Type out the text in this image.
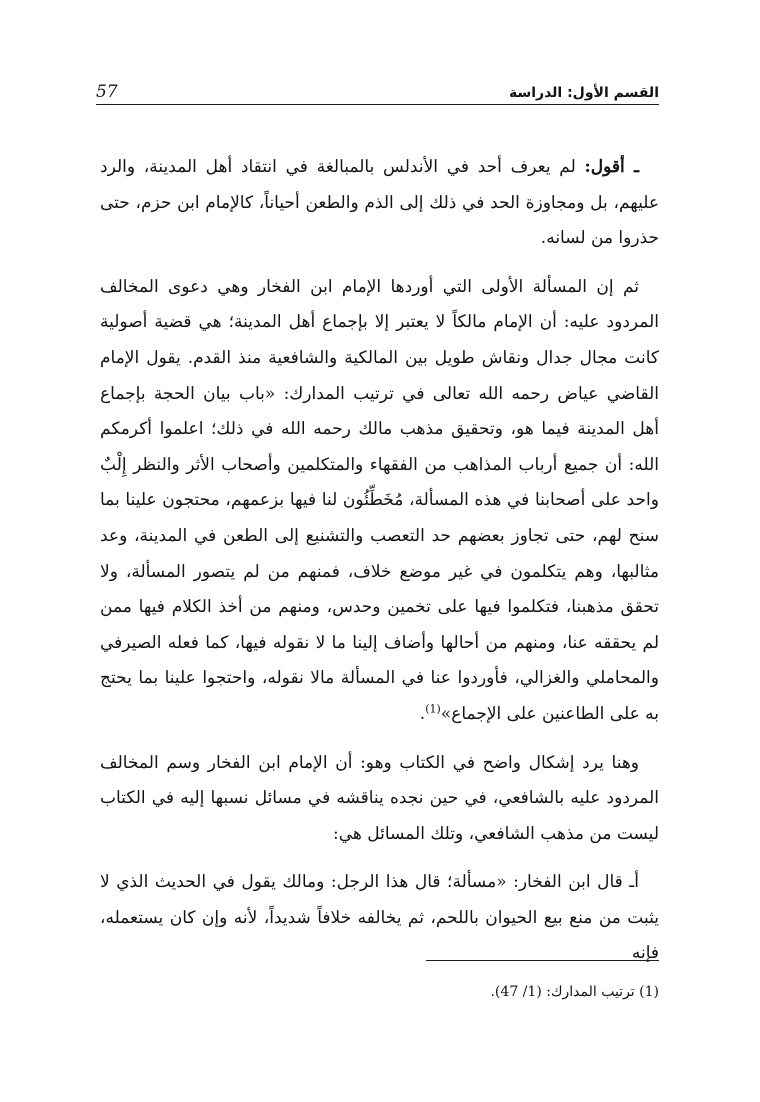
القسم الأول: الدراسة
57

ـ أقول: لم يعرف أحد في الأندلس بالمبالغة في انتقاد أهل المدينة، والرد عليهم، بل ومجاوزة الحد في ذلك إلى الذم والطعن أحياناً، كالإمام ابن حزم، حتى حذروا من لسانه.

ثم إن المسألة الأولى التي أوردها الإمام ابن الفخار وهي دعوى المخالف المردود عليه: أن الإمام مالكاً لا يعتبر إلا بإجماع أهل المدينة؛ هي قضية أصولية كانت مجال جدال ونقاش طويل بين المالكية والشافعية منذ القدم. يقول الإمام القاضي عياض رحمه الله تعالى في ترتيب المدارك: «باب بيان الحجة بإجماع أهل المدينة فيما هو، وتحقيق مذهب مالك رحمه الله في ذلك؛ اعلموا أكرمكم الله: أن جميع أرباب المذاهب من الفقهاء والمتكلمين وأصحاب الأثر والنظر إِلْبٌ واحد على أصحابنا في هذه المسألة، مُخَطِّئُون لنا فيها بزعمهم، محتجون علينا بما سنح لهم، حتى تجاوز بعضهم حد التعصب والتشنيع إلى الطعن في المدينة، وعد مثالبها، وهم يتكلمون في غير موضع خلاف، فمنهم من لم يتصور المسألة، ولا تحقق مذهبنا، فتكلموا فيها على تخمين وحدس، ومنهم من أخذ الكلام فيها ممن لم يحققه عنا، ومنهم من أحالها وأضاف إلينا ما لا نقوله فيها، كما فعله الصيرفي والمحاملي والغزالي، فأوردوا عنا في المسألة مالا نقوله، واحتجوا علينا بما يحتج به على الطاعنين على الإجماع»$^{(1)}$.

وهنا يرد إشكال واضح في الكتاب وهو: أن الإمام ابن الفخار وسم المخالف المردود عليه بالشافعي، في حين نجده يناقشه في مسائل نسبها إليه في الكتاب ليست من مذهب الشافعي، وتلك المسائل هي:

أـ قال ابن الفخار: «مسألة؛ قال هذا الرجل: ومالك يقول في الحديث الذي لا يثبت من منع بيع الحيوان باللحم، ثم يخالفه خلافاً شديداً، لأنه وإن كان يستعمله، فإنه

(1) ترتيب المدارك: (1/ 47).
